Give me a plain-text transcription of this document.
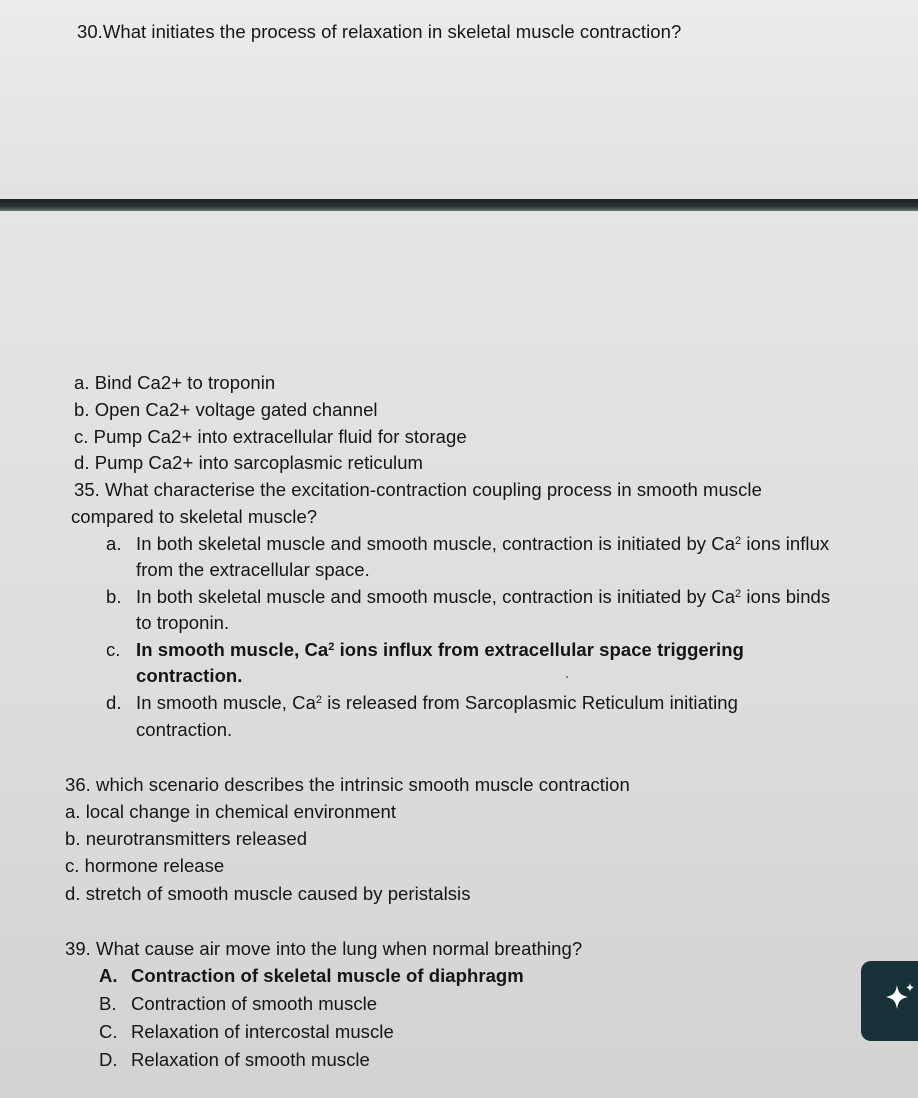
30.What initiates the process of relaxation in skeletal muscle contraction?
a. Bind Ca2+ to troponin
b. Open Ca2+ voltage gated channel
c. Pump Ca2+ into extracellular fluid for storage
d. Pump Ca2+ into sarcoplasmic reticulum
35. What characterise the excitation-contraction coupling process in smooth muscle
compared to skeletal muscle?
a. In both skeletal muscle and smooth muscle, contraction is initiated by Ca$^2$ ions influx
from the extracellular space.
b. In both skeletal muscle and smooth muscle, contraction is initiated by Ca$^2$ ions binds
to troponin.
c. In smooth muscle, Ca$^2$ ions influx from extracellular space triggering
contraction.
d. In smooth muscle, Ca$^2$ is released from Sarcoplasmic Reticulum initiating
contraction.
36. which scenario describes the intrinsic smooth muscle contraction
a. local change in chemical environment
b. neurotransmitters released
c. hormone release
d. stretch of smooth muscle caused by peristalsis
39. What cause air move into the lung when normal breathing?
A. Contraction of skeletal muscle of diaphragm
B. Contraction of smooth muscle
C. Relaxation of intercostal muscle
D. Relaxation of smooth muscle
